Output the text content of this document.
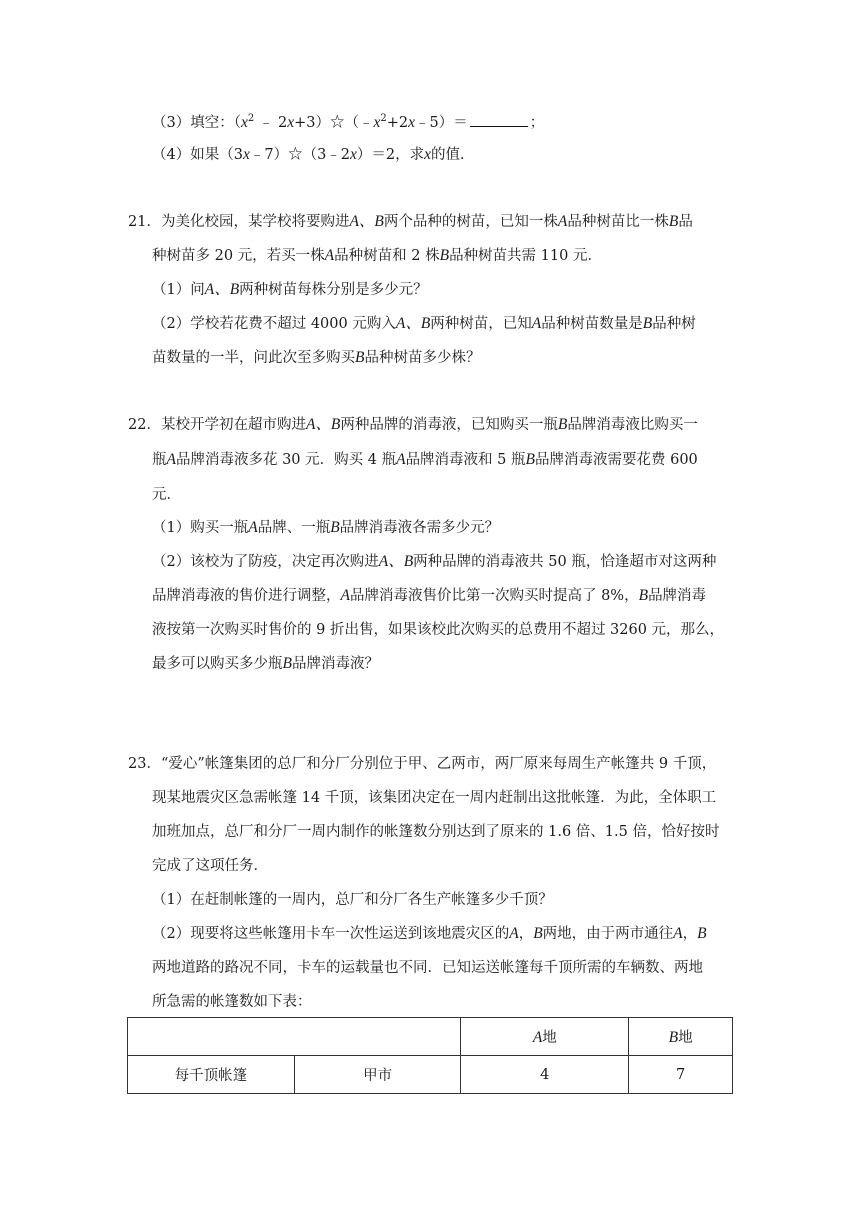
（3）填空：（$x^2$ ﹣ $2x+3)☆(﹣x^2+2x﹣5)=$	；
（4）如果（3x﹣7）☆（3﹣2x）＝2，求x的值．
21．为美化校园，某学校将要购进A、B两个品种的树苗，已知一株A品种树苗比一株B品
种树苗多 20 元，若买一株A品种树苗和 2 株B品种树苗共需 110 元．
（1）问A、B两种树苗每株分别是多少元？
（2）学校若花费不超过 4000 元购入A、B两种树苗，已知A品种树苗数量是B品种树
苗数量的一半，问此次至多购买B品种树苗多少株？
22．某校开学初在超市购进A、B两种品牌的消毒液，已知购买一瓶B品牌消毒液比购买一
瓶A品牌消毒液多花 30 元．购买 4 瓶A品牌消毒液和 5 瓶B品牌消毒液需要花费 600
元．
（1）购买一瓶A品牌、一瓶B品牌消毒液各需多少元？
（2）该校为了防疫，决定再次购进A、B两种品牌的消毒液共 50 瓶，恰逢超市对这两种
品牌消毒液的售价进行调整，A品牌消毒液售价比第一次购买时提高了 8%，B品牌消毒
液按第一次购买时售价的 9 折出售，如果该校此次购买的总费用不超过 3260 元，那么，
最多可以购买多少瓶B品牌消毒液？
23．“爱心”帐篷集团的总厂和分厂分别位于甲、乙两市，两厂原来每周生产帐篷共 9 千顶，
现某地震灾区急需帐篷 14 千顶，该集团决定在一周内赶制出这批帐篷．为此，全体职工
加班加点，总厂和分厂一周内制作的帐篷数分别达到了原来的 1.6 倍、1.5 倍，恰好按时
完成了这项任务．
（1）在赶制帐篷的一周内，总厂和分厂各生产帐篷多少千顶？
（2）现要将这些帐篷用卡车一次性运送到该地震灾区的A，B两地，由于两市通往A，B
两地道路的路况不同，卡车的运载量也不同．已知运送帐篷每千顶所需的车辆数、两地
所急需的帐篷数如下表：
		A地	B地
每千顶帐篷	甲市	4	7
